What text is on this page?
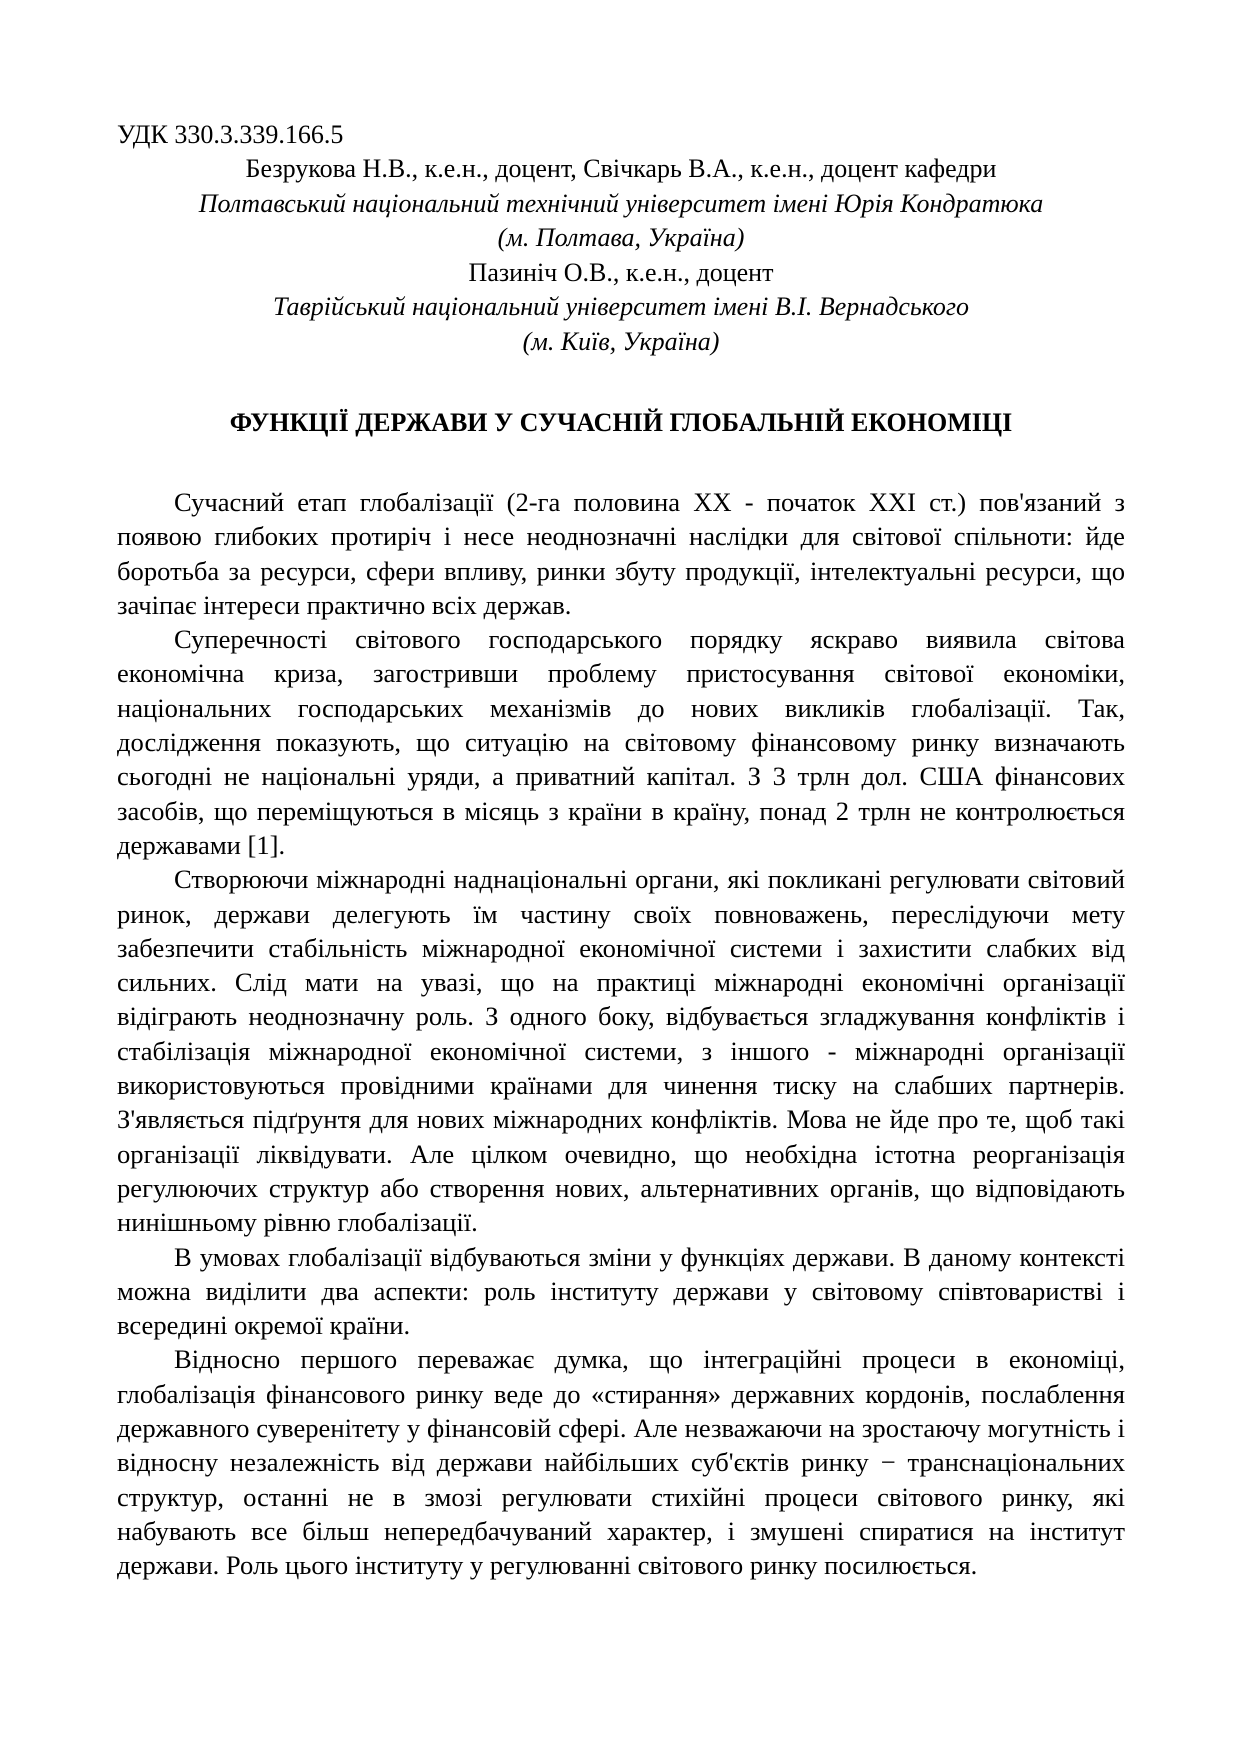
УДК 330.3.339.166.5

Безрукова Н.В., к.е.н., доцент, Свічкарь В.А., к.е.н., доцент кафедри

Полтавський національний технічний університет імені Юрія Кондратюка

(м. Полтава, Україна)

Пазиніч О.В., к.е.н., доцент

Таврійський національний університет імені В.І. Вернадського

(м. Київ, Україна)

ФУНКЦІЇ ДЕРЖАВИ У СУЧАСНІЙ ГЛОБАЛЬНІЙ ЕКОНОМІЦІ

Сучасний етап глобалізації (2-га половина ХХ - початок ХХІ ст.) пов'язаний з появою глибоких протиріч і несе неоднозначні наслідки для світової спільноти: йде боротьба за ресурси, сфери впливу, ринки збуту продукції, інтелектуальні ресурси, що зачіпає інтереси практично всіх держав.

Суперечності світового господарського порядку яскраво виявила світова економічна криза, загостривши проблему пристосування світової економіки, національних господарських механізмів до нових викликів глобалізації. Так, дослідження показують, що ситуацію на світовому фінансовому ринку визначають сьогодні не національні уряди, а приватний капітал. З 3 трлн дол. США фінансових засобів, що переміщуються в місяць з країни в країну, понад 2 трлн не контролюється державами [1].

Створюючи міжнародні наднаціональні органи, які покликані регулювати світовий ринок, держави делегують їм частину своїх повноважень, переслідуючи мету забезпечити стабільність міжнародної економічної системи і захистити слабких від сильних. Слід мати на увазі, що на практиці міжнародні економічні організації відіграють неоднозначну роль. З одного боку, відбувається згладжування конфліктів і стабілізація міжнародної економічної системи, з іншого - міжнародні організації використовуються провідними країнами для чинення тиску на слабших партнерів. З'являється підґрунтя для нових міжнародних конфліктів. Мова не йде про те, щоб такі організації ліквідувати. Але цілком очевидно, що необхідна істотна реорганізація регулюючих структур або створення нових, альтернативних органів, що відповідають нинішньому рівню глобалізації.

В умовах глобалізації відбуваються зміни у функціях держави. В даному контексті можна виділити два аспекти: роль інституту держави у світовому співтоваристві і всередині окремої країни.

Відносно першого переважає думка, що інтеграційні процеси в економіці, глобалізація фінансового ринку веде до «стирання» державних кордонів, послаблення державного суверенітету у фінансовій сфері. Але незважаючи на зростаючу могутність і відносну незалежність від держави найбільших суб'єктів ринку − транснаціональних структур, останні не в змозі регулювати стихійні процеси світового ринку, які набувають все більш непередбачуваний характер, і змушені спиратися на інститут держави. Роль цього інституту у регулюванні світового ринку посилюється.
